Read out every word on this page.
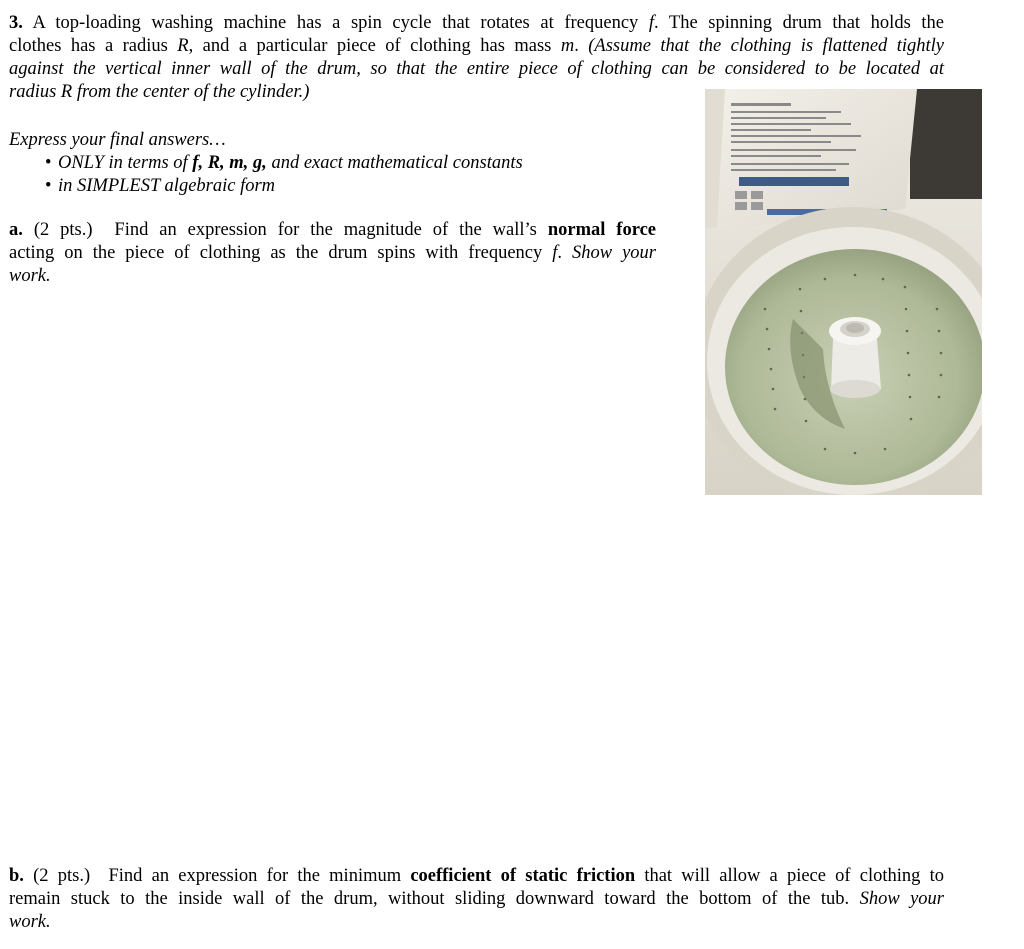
3. A top-loading washing machine has a spin cycle that rotates at frequency f. The spinning drum that holds the
clothes has a radius R, and a particular piece of clothing has mass m. (Assume that the clothing is flattened tightly
against the vertical inner wall of the drum, so that the entire piece of clothing can be considered to be located at
radius R from the center of the cylinder.)
Express your final answers…
• ONLY in terms of f, R, m, g, and exact mathematical constants
• in SIMPLEST algebraic form
a. (2 pts.) Find an expression for the magnitude of the wall’s normal force
acting on the piece of clothing as the drum spins with frequency f. Show your
work.
b. (2 pts.) Find an expression for the minimum coefficient of static friction that will allow a piece of clothing to
remain stuck to the inside wall of the drum, without sliding downward toward the bottom of the tub. Show your
work.
